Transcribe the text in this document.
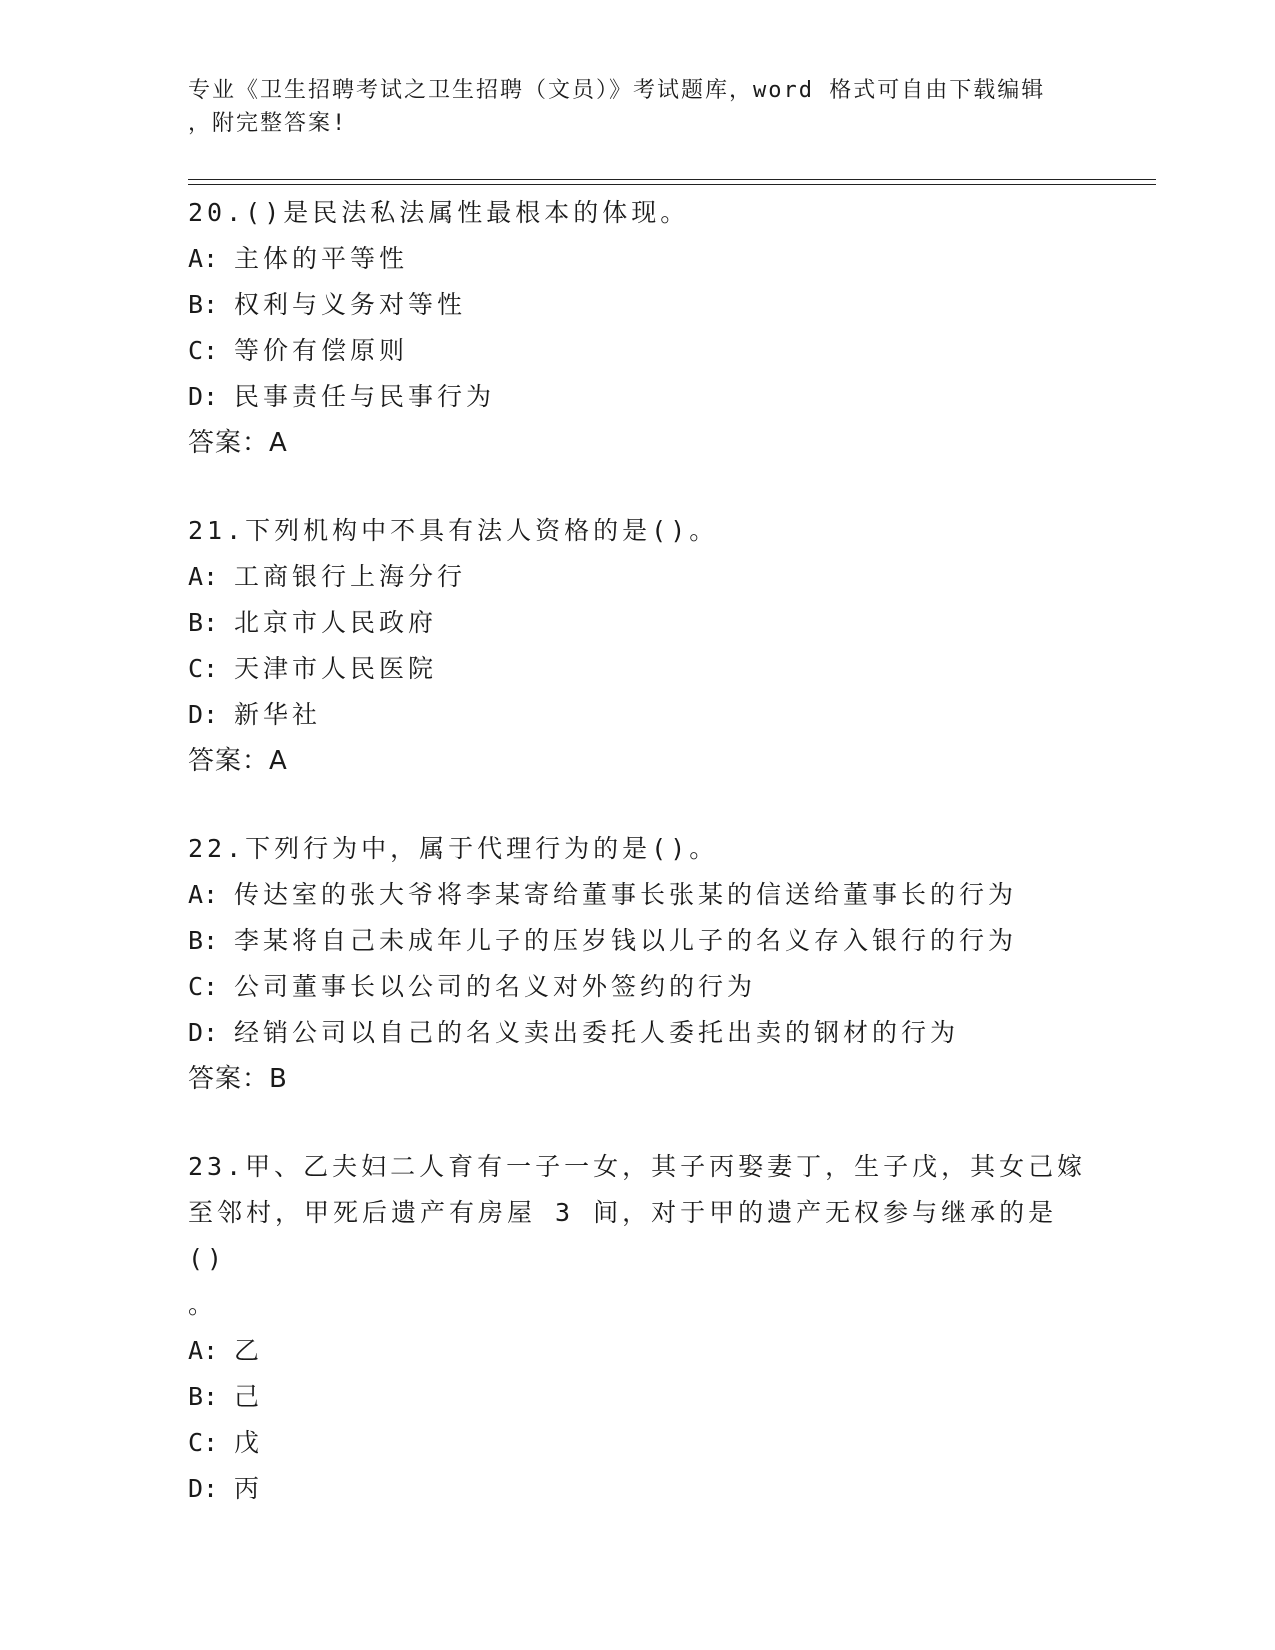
专业《卫生招聘考试之卫生招聘（文员）》考试题库，word 格式可自由下载编辑
，附完整答案!
20.()是民法私法属性最根本的体现。
A: 主体的平等性
B: 权利与义务对等性
C: 等价有偿原则
D: 民事责任与民事行为
答案：A
21.下列机构中不具有法人资格的是()。
A: 工商银行上海分行
B: 北京市人民政府
C: 天津市人民医院
D: 新华社
答案：A
22.下列行为中，属于代理行为的是()。
A: 传达室的张大爷将李某寄给董事长张某的信送给董事长的行为
B: 李某将自己未成年儿子的压岁钱以儿子的名义存入银行的行为
C: 公司董事长以公司的名义对外签约的行为
D: 经销公司以自己的名义卖出委托人委托出卖的钢材的行为
答案：B
23.甲、乙夫妇二人育有一子一女，其子丙娶妻丁，生子戊，其女己嫁
至邻村，甲死后遗产有房屋 3 间，对于甲的遗产无权参与继承的是()
。
A: 乙
B: 己
C: 戊
D: 丙
